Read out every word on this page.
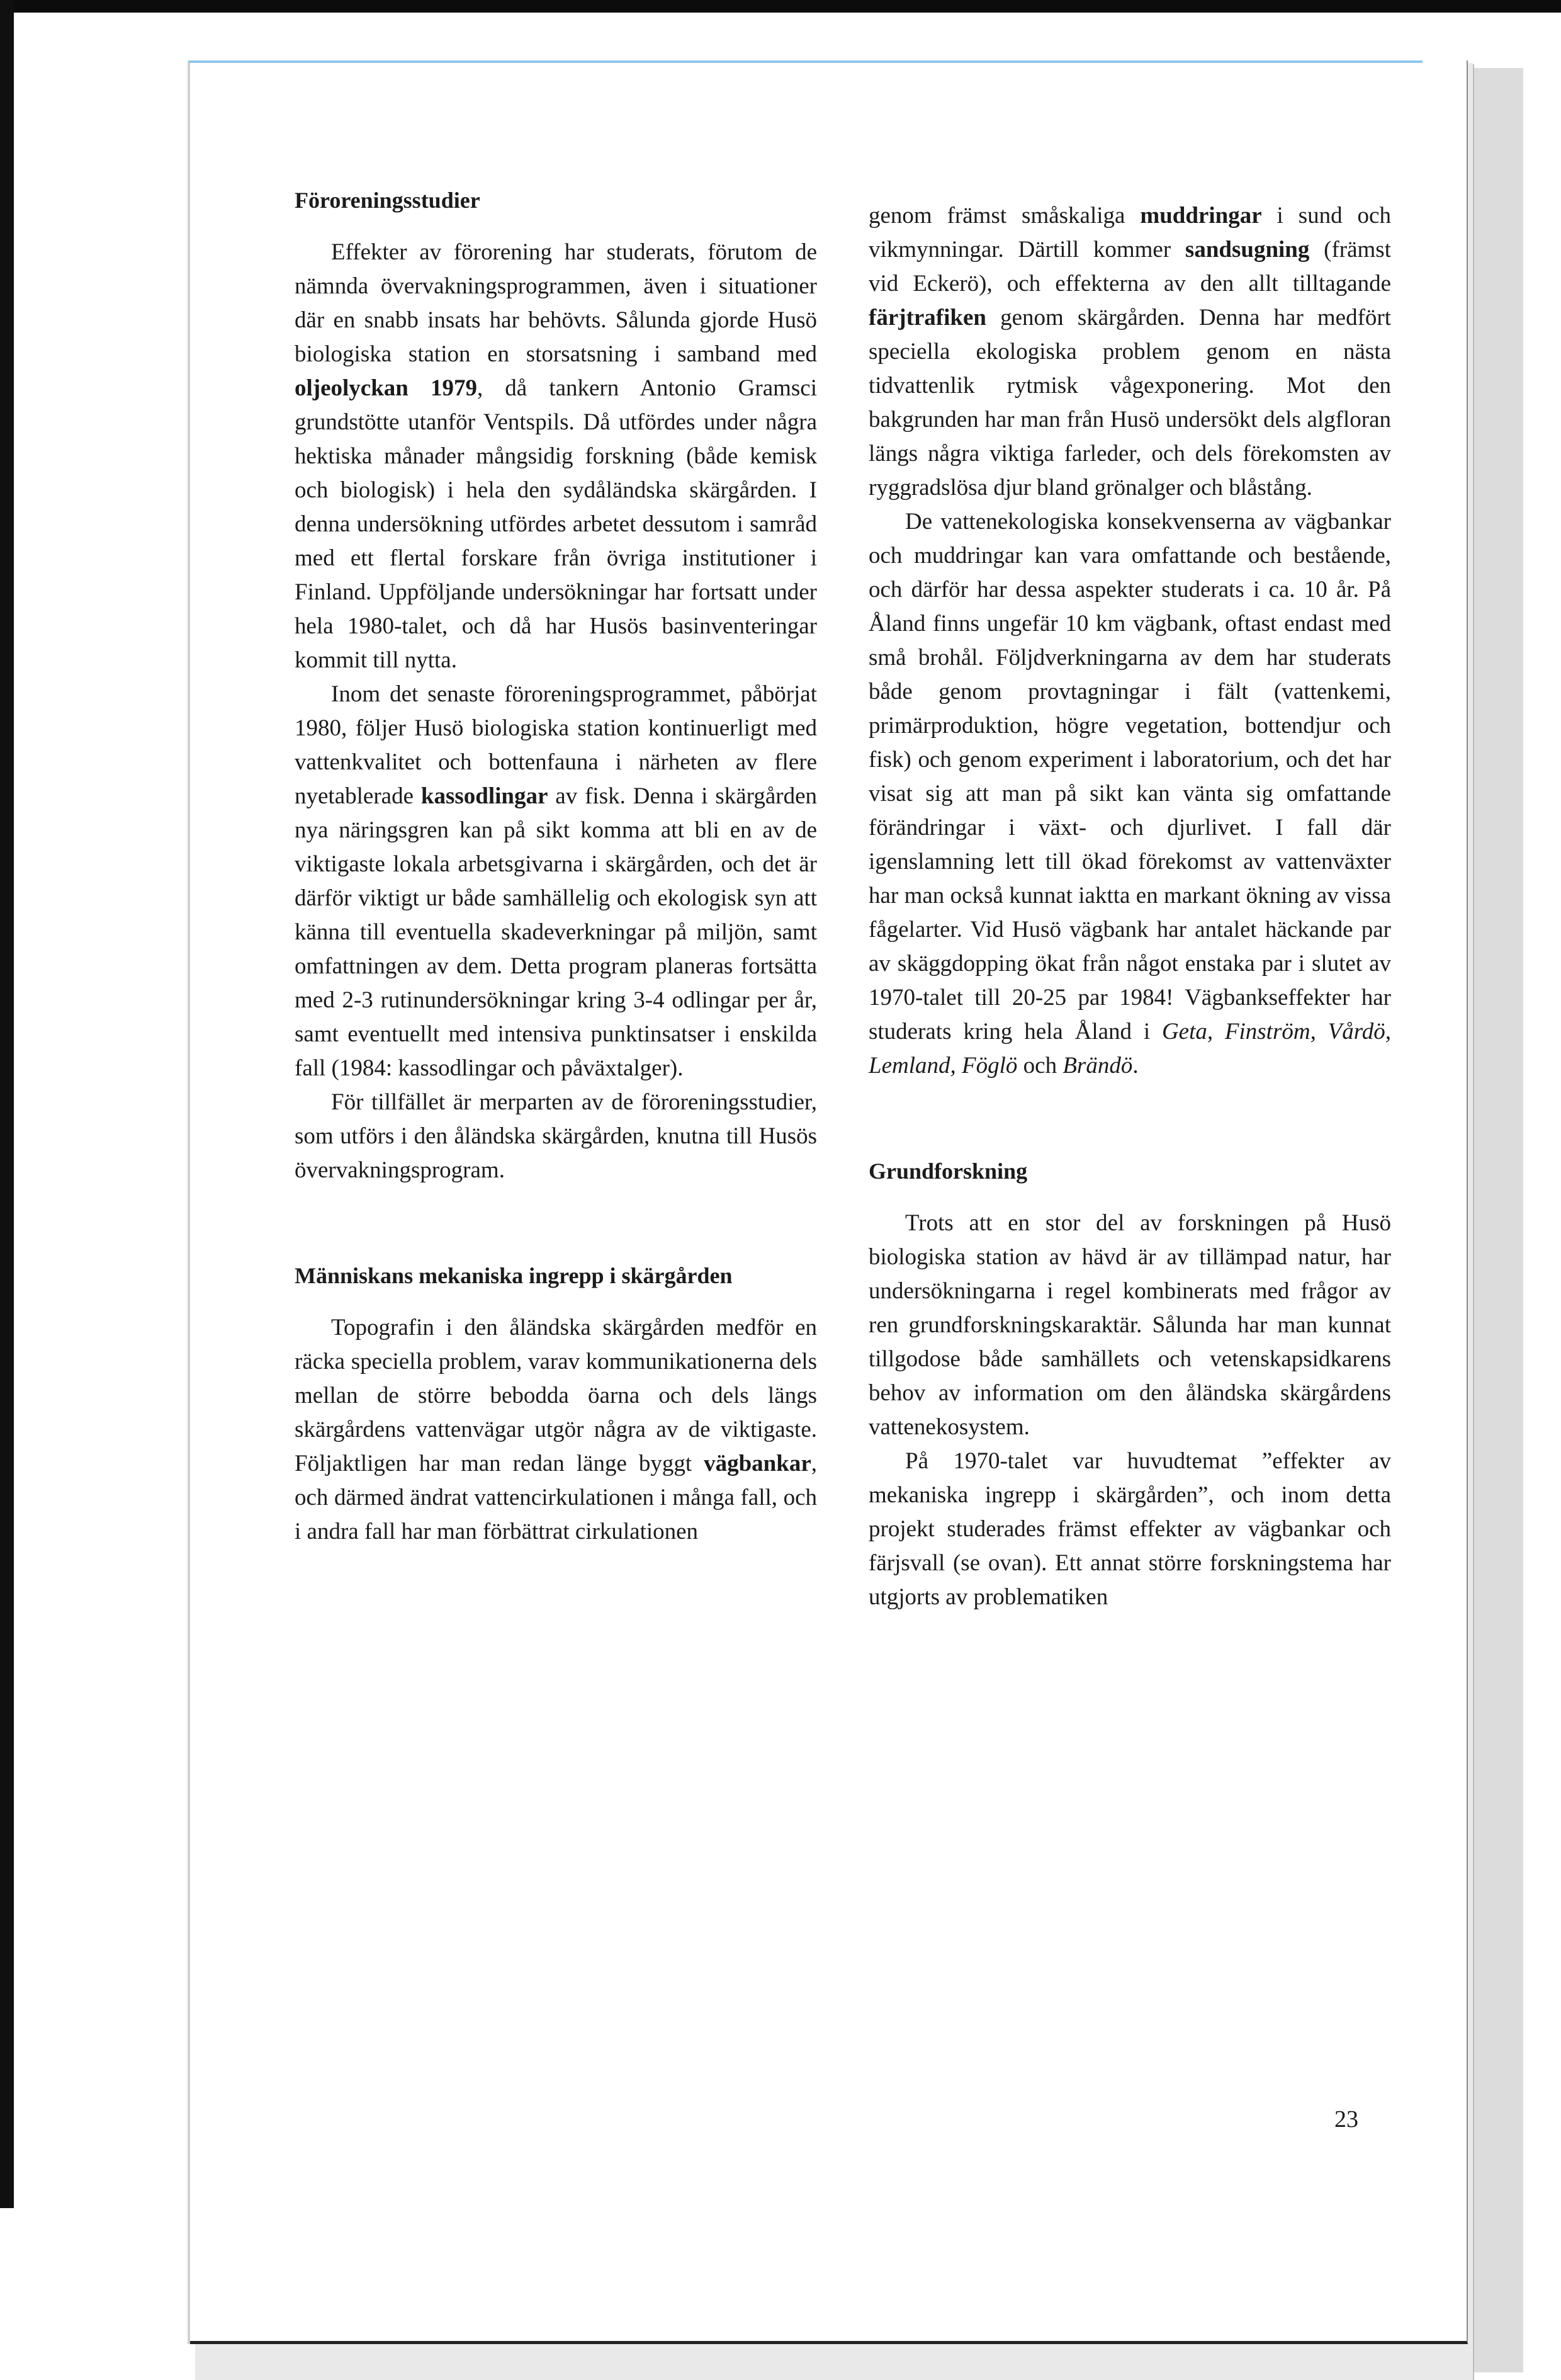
Föroreningsstudier

Effekter av förorening har studerats, förutom de nämnda övervakningsprogrammen, även i situationer där en snabb insats har behövts. Sålunda gjorde Husö biologiska station en storsatsning i samband med oljeolyckan 1979, då tankern Antonio Gramsci grundstötte utanför Ventspils. Då utfördes under några hektiska månader mångsidig forskning (både kemisk och biologisk) i hela den sydåländska skärgården. I denna undersökning utfördes arbetet dessutom i samråd med ett flertal forskare från övriga institutioner i Finland. Uppföljande undersökningar har fortsatt under hela 1980-talet, och då har Husös basinventeringar kommit till nytta.

Inom det senaste föroreningsprogrammet, påbörjat 1980, följer Husö biologiska station kontinuerligt med vattenkvalitet och bottenfauna i närheten av flere nyetablerade kassodlingar av fisk. Denna i skärgården nya näringsgren kan på sikt komma att bli en av de viktigaste lokala arbetsgivarna i skärgården, och det är därför viktigt ur både samhällelig och ekologisk syn att känna till eventuella skadeverkningar på miljön, samt omfattningen av dem. Detta program planeras fortsätta med 2-3 rutinundersökningar kring 3-4 odlingar per år, samt eventuellt med intensiva punktinsatser i enskilda fall (1984: kassodlingar och påväxtalger).

För tillfället är merparten av de föroreningsstudier, som utförs i den åländska skärgården, knutna till Husös övervakningsprogram.

Människans mekaniska ingrepp i skärgården

Topografin i den åländska skärgården medför en räcka speciella problem, varav kommunikationerna dels mellan de större bebodda öarna och dels längs skärgårdens vattenvägar utgör några av de viktigaste. Följaktligen har man redan länge byggt vägbankar, och därmed ändrat vattencirkulationen i många fall, och i andra fall har man förbättrat cirkulationen

genom främst småskaliga muddringar i sund och vikmynningar. Därtill kommer sandsugning (främst vid Eckerö), och effekterna av den allt tilltagande färjtrafiken genom skärgården. Denna har medfört speciella ekologiska problem genom en nästa tidvattenlik rytmisk vågexponering. Mot den bakgrunden har man från Husö undersökt dels algfloran längs några viktiga farleder, och dels förekomsten av ryggradslösa djur bland grönalger och blåstång.

De vattenekologiska konsekvenserna av vägbankar och muddringar kan vara omfattande och bestående, och därför har dessa aspekter studerats i ca. 10 år. På Åland finns ungefär 10 km vägbank, oftast endast med små brohål. Följdverkningarna av dem har studerats både genom provtagningar i fält (vattenkemi, primärproduktion, högre vegetation, bottendjur och fisk) och genom experiment i laboratorium, och det har visat sig att man på sikt kan vänta sig omfattande förändringar i växt- och djurlivet. I fall där igenslamning lett till ökad förekomst av vattenväxter har man också kunnat iaktta en markant ökning av vissa fågelarter. Vid Husö vägbank har antalet häckande par av skäggdopping ökat från något enstaka par i slutet av 1970-talet till 20-25 par 1984! Vägbankseffekter har studerats kring hela Åland i Geta, Finström, Vårdö, Lemland, Föglö och Brändö.

Grundforskning

Trots att en stor del av forskningen på Husö biologiska station av hävd är av tillämpad natur, har undersökningarna i regel kombinerats med frågor av ren grundforskningskaraktär. Sålunda har man kunnat tillgodose både samhällets och vetenskapsidkarens behov av information om den åländska skärgårdens vattenekosystem.

På 1970-talet var huvudtemat ”effekter av mekaniska ingrepp i skärgården”, och inom detta projekt studerades främst effekter av vägbankar och färjsvall (se ovan). Ett annat större forskningstema har utgjorts av problematiken

23
